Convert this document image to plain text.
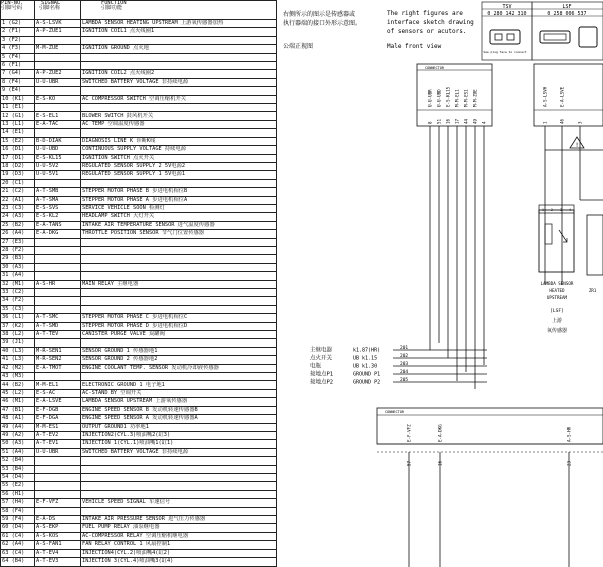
PIN-NO.
引脚号码	SIGNAL
引脚名称	FUNCTION
引脚功能

1 (G2)	A-S-LSVK	LAMBDA SENSOR HEATING UPSTREAM 上游氧传感器加热
2 (F1)	A-P-ZUE1	IGNITION COIL1 点火线圈1
3 (F2)		
4 (F3)	M-M-ZUE	IGNITION GROUND 点火地
5 (F4)		
6 (F1)		
7 (G4)	A-P-ZUE2	IGNITION COIL2 点火线圈2
8 (F4)	U-U-UBR	SWITCHED BATTERY VOLTAGE 非持续电源
9 (E4)		
10 (K1)	E-S-KO	AC COMPRESSOR SWITCH 空调压缩机开关
11 (E1)		
12 (G1)	E-S-EL1	BLOWER SWITCH 鼓风机开关
13 (L1)	E-A-TAC	AC TEMP 空调温度传感器
14 (E1)		
15 (E2)	B-D-DIAK	DIAGNOSIS LINE K 诊断K线
16 (D1)	U-U-UBD	CONTINUOUS SUPPLY VOLTAGE 持续电源
17 (D1)	E-S-KL15	IGNITION SWITCH 点火开关
18 (D2)	U-U-5V2	REGULATED SENSOR SUPPLY 2 5V电源2
19 (D3)	U-U-5V1	REGULATED SENSOR SUPPLY 1 5V电源1
20 (C1)		
21 (C2)	A-T-SMB	STEPPER MOTOR PHASE B 步进电机相位B
22 (A1)	A-T-SMA	STEPPER MOTOR PHASE A 步进电机相位A
23 (C3)	E-S-SVS	SERVICE VEHICLE SOON 检测灯
24 (A3)	E-S-KL2	HEADLAMP SWITCH 大灯开关
25 (B2)	E-A-TANS	INTAKE AIR TEMPERATURE SENSOR 进气温度传感器
26 (A4)	E-A-DKG	THROTTLE POSITION SENSOR 节气门位置传感器
27 (E3)		
28 (F2)		
29 (B3)		
30 (A3)		
31 (A4)		
32 (M1)	A-S-HR	MAIN RELAY 主继电器
33 (C2)		
34 (F2)		
35 (C3)		
36 (L1)	A-T-SMC	STEPPER MOTOR PHASE C 步进电机相位C
37 (K2)	A-T-SMD	STEPPER MOTOR PHASE D 步进电机相位D
38 (L2)	A-T-TEV	CANISTER PURGE VALVE 炭罐阀
39 (J1)		
40 (L3)	M-R-SEN1	SENSOR GROUND 1 传感器地1
41 (L3)	M-R-SEN2	SENSOR GROUND 2 传感器地2
42 (M2)	E-A-TMOT	ENGINE COOLANT TEMP. SENSOR 发动机冷却液传感器
43 (M3)		
44 (B2)	M-M-EL1	ELECTRONIC GROUND 1 电子地1
45 (L2)	E-S-AC	AC-STAND BY 空调开关
46 (M1)	E-A-LSVE	LAMBDA SENSOR UPSTREAM 上游氧传感器
47 (B1)	E-F-DGB	ENGINE SPEED SENSOR B 发动机转速传感器B
48 (A1)	E-F-DGA	ENGINE SPEED SENSOR A 发动机转速传感器A
49 (A4)	M-M-ES1	OUTPUT GROUND1 功率地1
49 (A2)	A-T-EV2	INJECTION2(CYL.3)喷油嘴2(缸3)
50 (A3)	A-T-EV1	INJECTION 1(CYL.1)喷油嘴1(缸1)
51 (A4)	U-U-UBR	SWITCHED BATTERY VOLTAGE 非持续电源
52 (B4)		
53 (B4)		
54 (D4)		
55 (E2)		
56 (H1)		
57 (H4)	E-F-VFZ	VEHICLE SPEED SIGNAL 车速信号
58 (F4)		
59 (F4)	E-A-DS	INTAKE AIR PRESSURE SENSOR 进气压力传感器
60 (D4)	A-S-EKP	FUEL PUMP RELAY 油泵继电器
61 (C4)	A-S-KOS	AC-COMPRESSOR RELAY 空调压缩机继电器
62 (A4)	A-S-FAN1	FAN RELAY CONTROL 1 风扇控制1
63 (C4)	A-T-EV4	INJECTION4(CYL.2)喷油嘴4(缸2)
64 (B4)	A-T-EV3	INJECTION 3(CYL.4)喷油嘴3(缸4)
右侧所示的图示是传感器或
执行器端的接口外形示意图。
The right figures are
interface sketch drawing
of sensors or acutors.
公端正视图	Male front view
TSV
0 280 142 310
See plug face to connect
LSF
0 258 006 537
CONNECTOR
U-U-UBR U-U-UBD E-S-KL15 M-M-EL1 M-M-ES1 M-M-ZUE
8 51 16 17 44 49 4
A-S-LSVH	E-A-LSVE
1	46	3
!
1 2 3 4
LAMBDA SENSOR
HEATED
UPSTREAM
[LSF]
上游
氧传感器
ZR1
主继电器	k1.87(HR)	201
点火开关	UB k1.15	202
电瓶	UB k1.30	203
接地点P1	GROUND P1	204
接地点P2	GROUND P2	205
CONNECTOR
E-F-VFZ	E-A-DKG	A-S-HR
57	16	23
